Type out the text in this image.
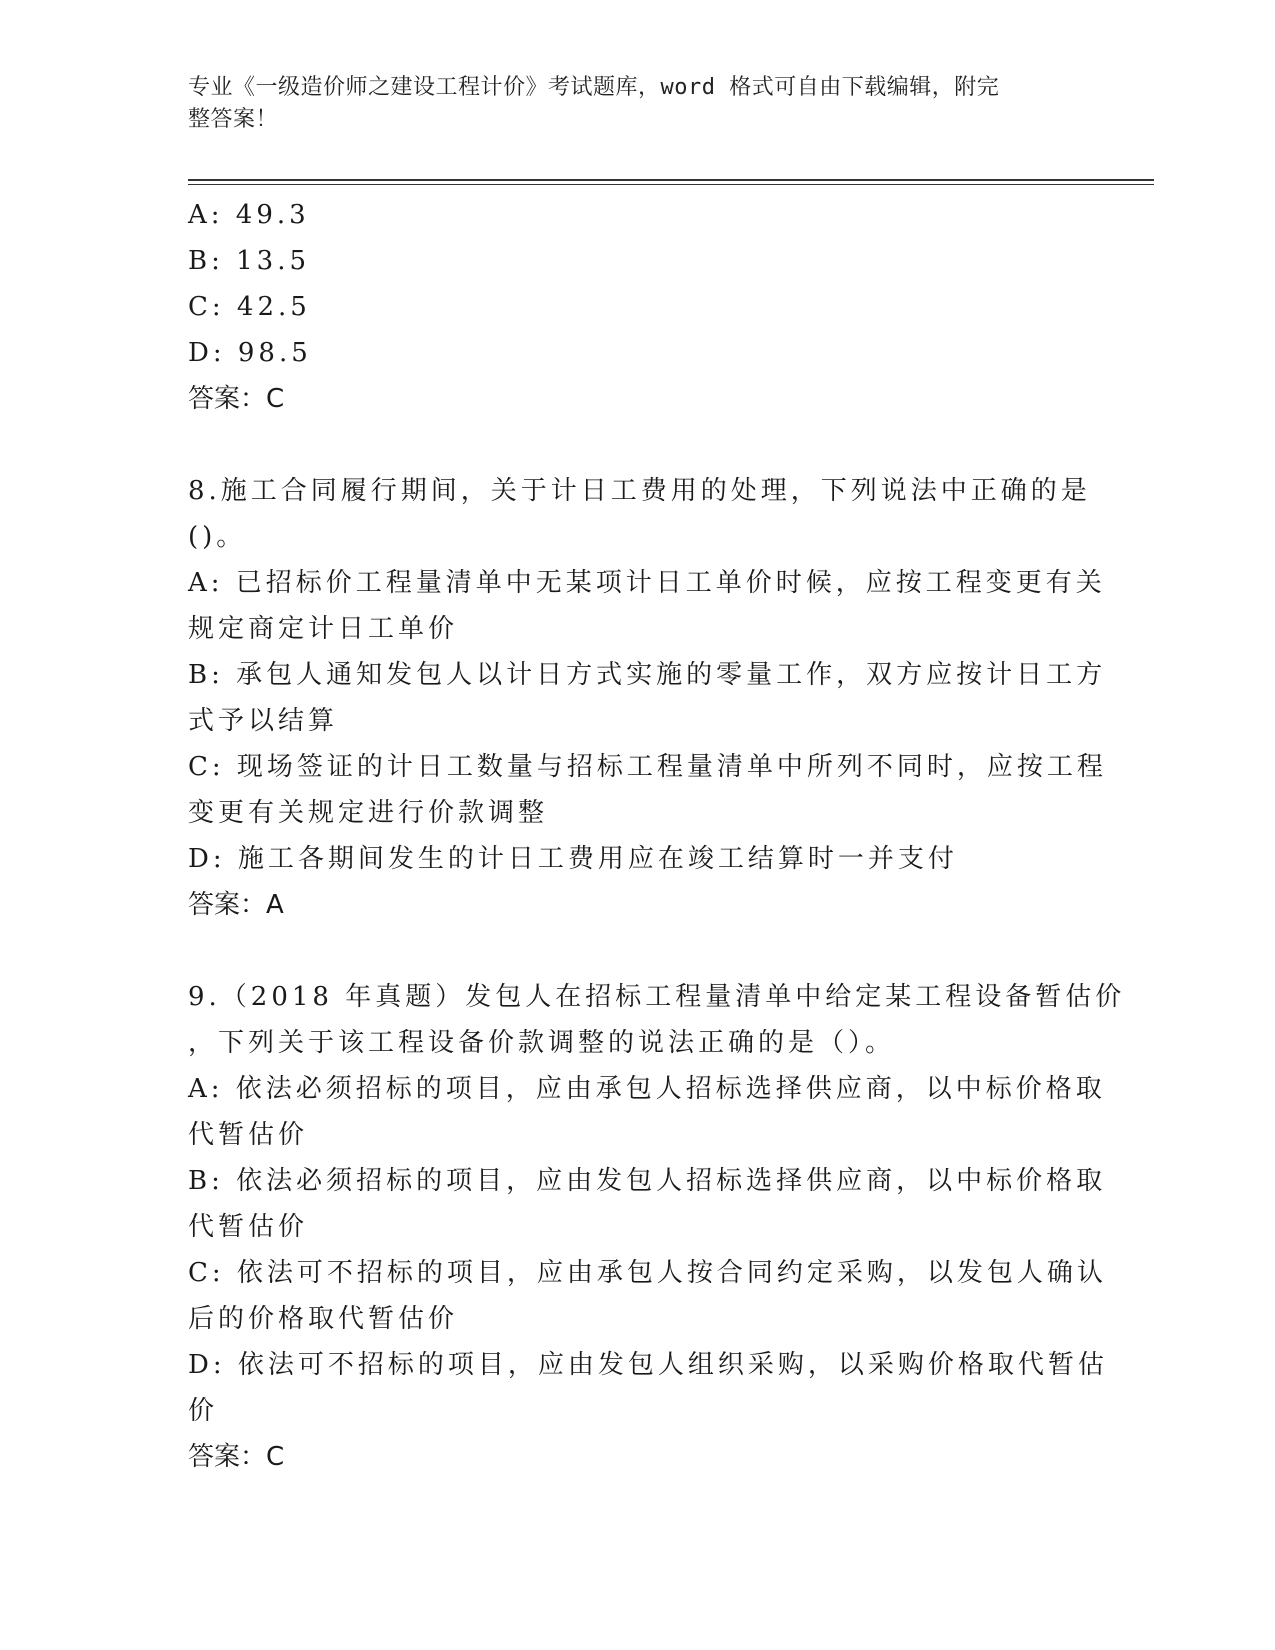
专业《一级造价师之建设工程计价》考试题库，word 格式可自由下载编辑，附完
整答案！
A: 49.3
B: 13.5
C: 42.5
D: 98.5
答案：C
8.施工合同履行期间，关于计日工费用的处理，下列说法中正确的是
()。
A: 已招标价工程量清单中无某项计日工单价时候，应按工程变更有关
规定商定计日工单价
B: 承包人通知发包人以计日方式实施的零量工作，双方应按计日工方
式予以结算
C: 现场签证的计日工数量与招标工程量清单中所列不同时，应按工程
变更有关规定进行价款调整
D: 施工各期间发生的计日工费用应在竣工结算时一并支付
答案：A
9.（2018 年真题）发包人在招标工程量清单中给定某工程设备暂估价
，下列关于该工程设备价款调整的说法正确的是（）。
A: 依法必须招标的项目，应由承包人招标选择供应商，以中标价格取
代暂估价
B: 依法必须招标的项目，应由发包人招标选择供应商，以中标价格取
代暂估价
C: 依法可不招标的项目，应由承包人按合同约定采购，以发包人确认
后的价格取代暂估价
D: 依法可不招标的项目，应由发包人组织采购，以采购价格取代暂估
价
答案：C
